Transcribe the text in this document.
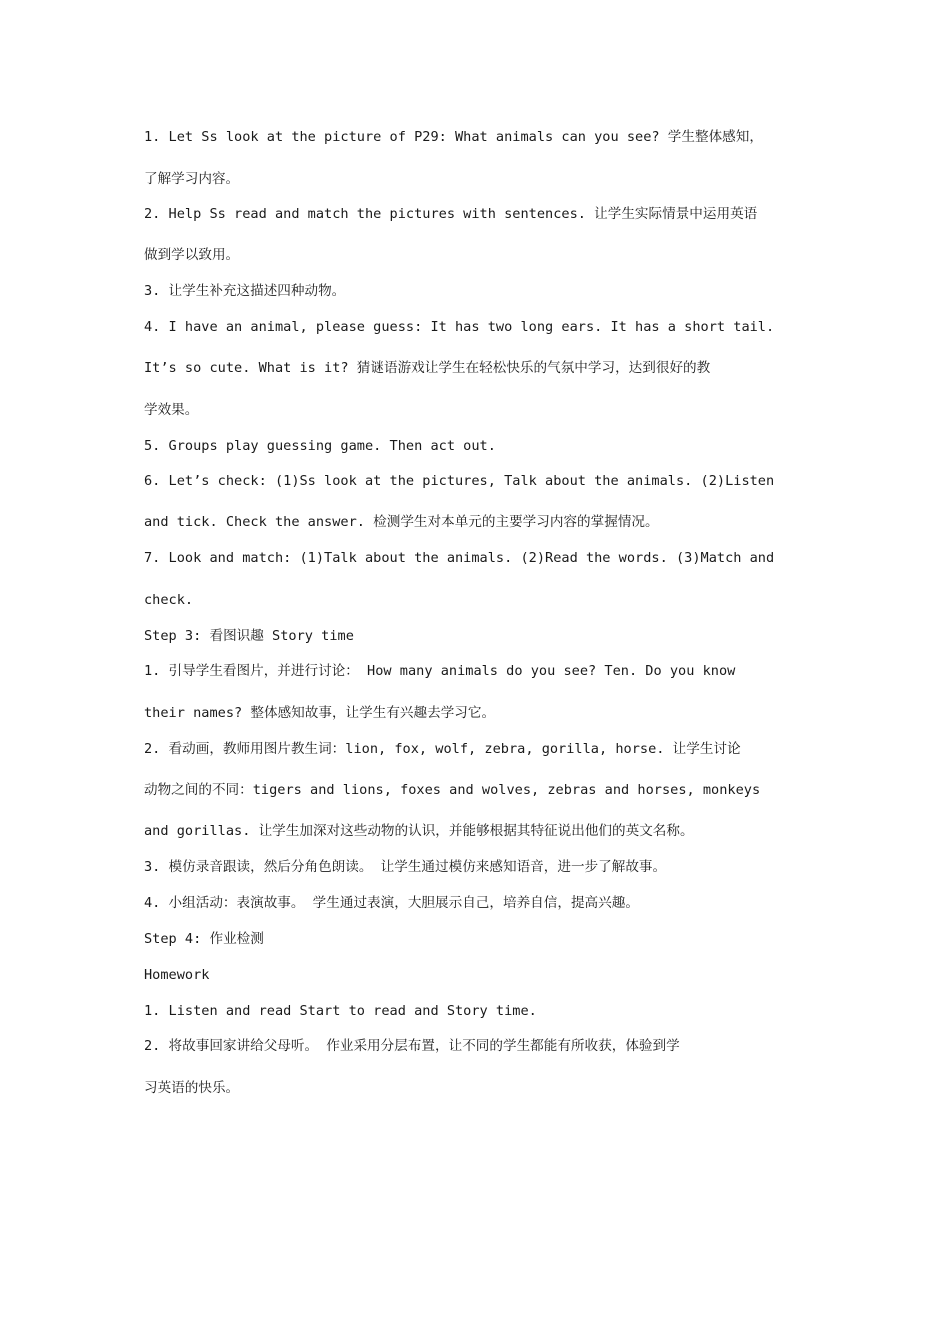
1. Let Ss look at the picture of P29: What animals can you see? 学生整体感知，
了解学习内容。
2. Help Ss read and match the pictures with sentences. 让学生实际情景中运用英语
做到学以致用。
3. 让学生补充这描述四种动物。
4. I have an animal, please guess: It has two long ears. It has a short tail.
It’s so cute. What is it? 猜谜语游戏让学生在轻松快乐的气氛中学习，达到很好的教
学效果。
5. Groups play guessing game. Then act out.
6. Let’s check: (1)Ss look at the pictures, Talk about the animals. (2)Listen
and tick. Check the answer. 检测学生对本单元的主要学习内容的掌握情况。
7. Look and match: (1)Talk about the animals. (2)Read the words. (3)Match and
check.
Step 3: 看图识趣 Story time
1. 引导学生看图片，并进行讨论： How many animals do you see? Ten. Do you know
their names? 整体感知故事，让学生有兴趣去学习它。
2. 看动画，教师用图片教生词：lion, fox, wolf, zebra, gorilla, horse. 让学生讨论
动物之间的不同：tigers and lions, foxes and wolves, zebras and horses, monkeys
and gorillas. 让学生加深对这些动物的认识，并能够根据其特征说出他们的英文名称。
3. 模仿录音跟读，然后分角色朗读。 让学生通过模仿来感知语音，进一步了解故事。
4. 小组活动：表演故事。 学生通过表演，大胆展示自己，培养自信，提高兴趣。
Step 4: 作业检测
Homework
1. Listen and read Start to read and Story time.
2. 将故事回家讲给父母听。 作业采用分层布置，让不同的学生都能有所收获，体验到学
习英语的快乐。
